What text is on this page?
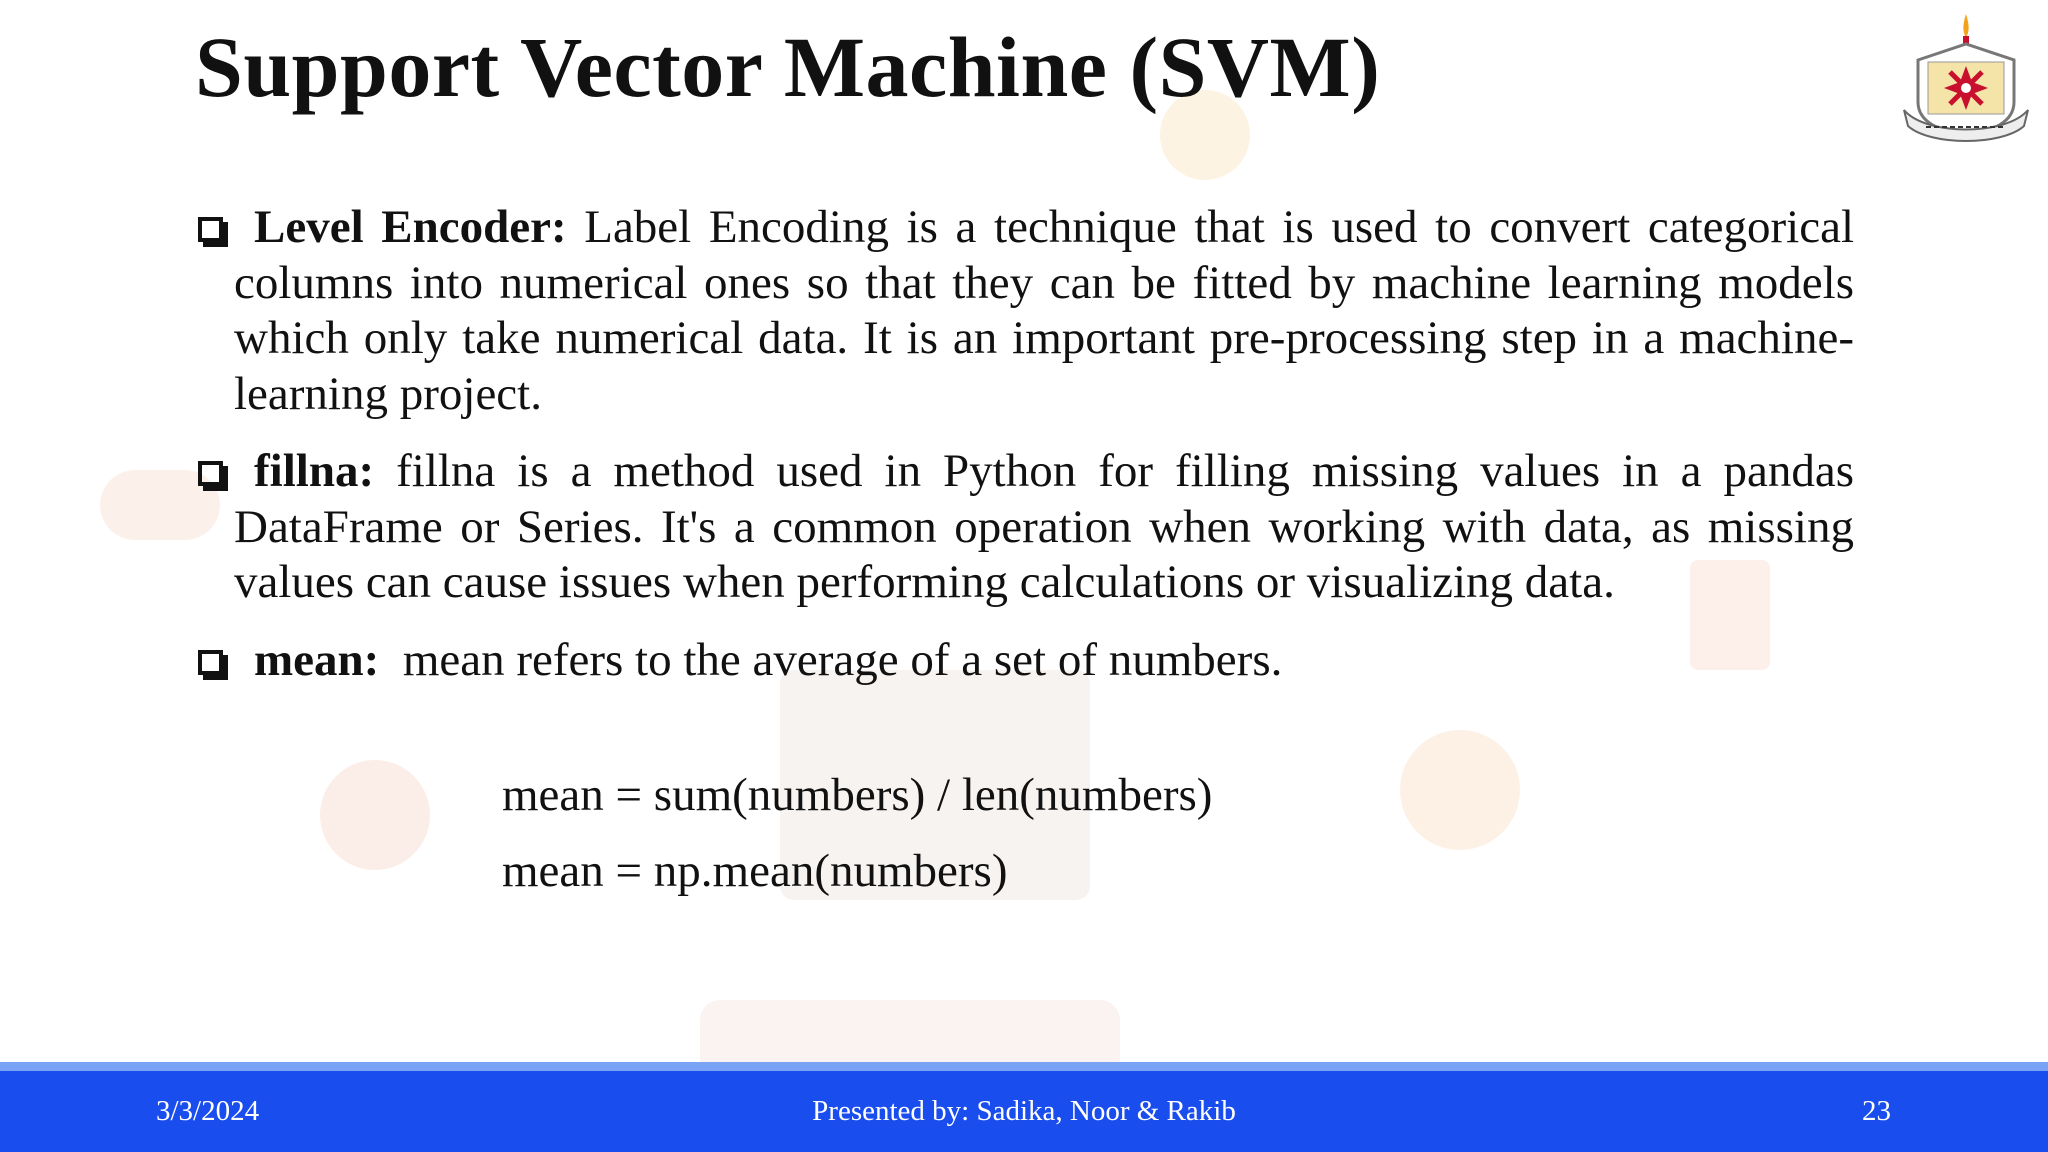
Support Vector Machine (SVM)
Level Encoder: Label Encoding is a technique that is used to convert categorical columns into numerical ones so that they can be fitted by machine learning models which only take numerical data. It is an important pre-processing step in a machine-learning project.
fillna: fillna is a method used in Python for filling missing values in a pandas DataFrame or Series. It's a common operation when working with data, as missing values can cause issues when performing calculations or visualizing data.
mean: mean refers to the average of a set of numbers.
mean = sum(numbers) / len(numbers)
mean = np.mean(numbers)
3/3/2024	Presented by: Sadika, Noor & Rakib	23
